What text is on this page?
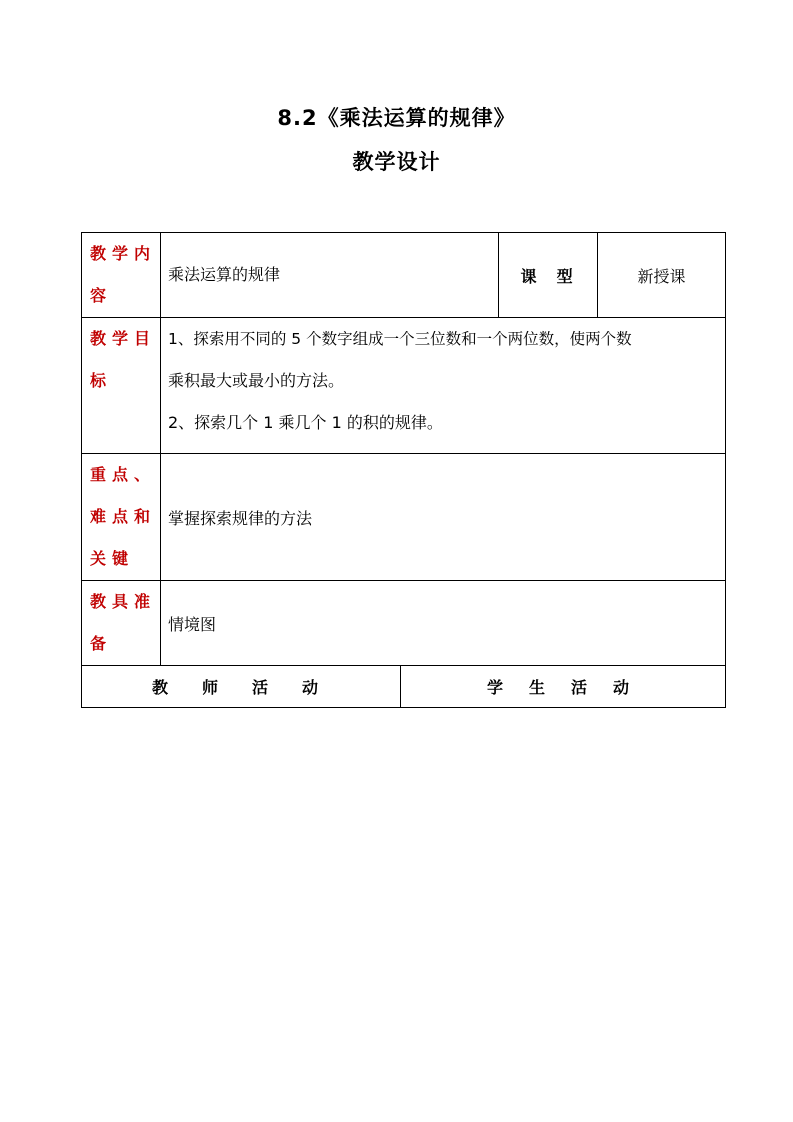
8.2《乘法运算的规律》
教学设计
教学内容	乘法运算的规律		课  型	新授课
教学目标	1、探索用不同的 5 个数字组成一个三位数和一个两位数，使两个数
乘积最大或最小的方法。
2、探索几个 1 乘几个 1 的积的规律。			

重点、难点和关键	掌握探索规律的方法			
教具准备	情境图			
教师活动		学生活动		
